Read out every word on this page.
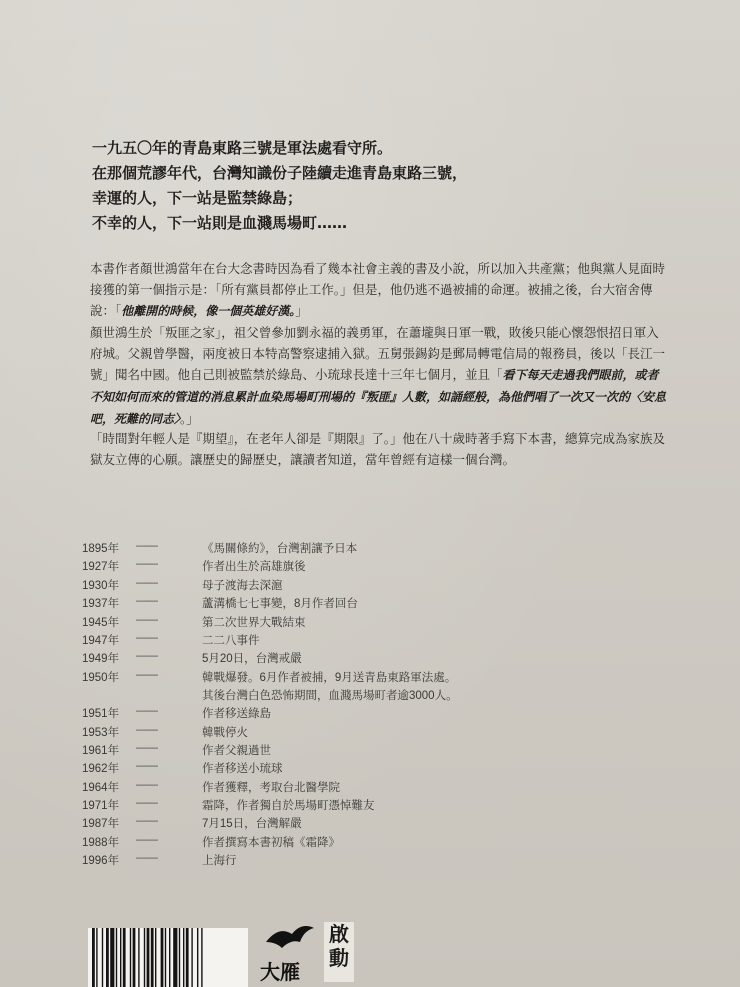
一九五〇年的青島東路三號是軍法處看守所。
在那個荒謬年代，台灣知識份子陸續走進青島東路三號，
幸運的人，下一站是監禁綠島；
不幸的人，下一站則是血濺馬場町……
本書作者顏世鴻當年在台大念書時因為看了幾本社會主義的書及小說，所以加入共產黨；他與黨人見面時接獲的第一個指示是：「所有黨員都停止工作。」但是，他仍逃不過被捕的命運。被捕之後，台大宿舍傳說：「他離開的時候，像一個英雄好漢。」
顏世鴻生於「叛匪之家」，祖父曾參加劉永福的義勇軍，在蕭壠與日軍一戰，敗後只能心懷怨恨招日軍入府城。父親曾學醫，兩度被日本特高警察逮捕入獄。五舅張錫鈞是郵局轉電信局的報務員，後以「長江一號」聞名中國。他自己則被監禁於綠島、小琉球長達十三年七個月，並且「看下每天走過我們眼前，或者不知如何而來的管道的消息累計血染馬場町刑場的『叛匪』人數，如誦經般，為他們唱了一次又一次的〈安息吧，死難的同志〉。」
「時間對年輕人是『期望』，在老年人卻是『期限』了。」他在八十歲時著手寫下本書，總算完成為家族及獄友立傳的心願。讓歷史的歸歷史，讓讀者知道，當年曾經有這樣一個台灣。
1895年	——	《馬關條約》，台灣割讓予日本
1927年	——	作者出生於高雄旗後
1930年	——	母子渡海去深滬
1937年	——	蘆溝橋七七事變，8月作者回台
1945年	——	第二次世界大戰結束
1947年	——	二二八事件
1949年	——	5月20日，台灣戒嚴
1950年	——	韓戰爆發。6月作者被捕，9月送青島東路軍法處。
其後台灣白色恐怖期間，血濺馬場町者逾3000人。
1951年	——	作者移送綠島
1953年	——	韓戰停火
1961年	——	作者父親過世
1962年	——	作者移送小琉球
1964年	——	作者獲釋，考取台北醫學院
1971年	——	霜降，作者獨自於馬場町憑悼難友
1987年	——	7月15日，台灣解嚴
1988年	——	作者撰寫本書初稿《霜降》
1996年	——	上海行
大雁
啟
動
